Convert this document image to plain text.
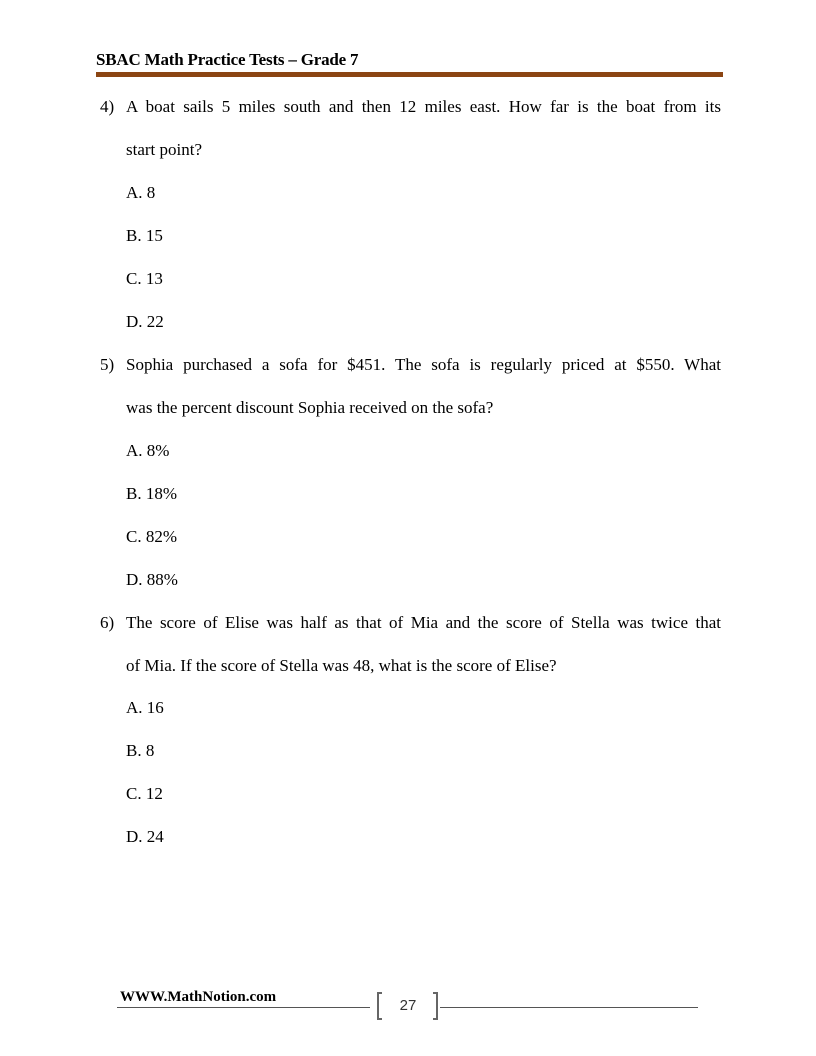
SBAC Math Practice Tests – Grade 7
4) A boat sails 5 miles south and then 12 miles east. How far is the boat from its
start point?
A. 8
B. 15
C. 13
D. 22
5) Sophia purchased a sofa for $451. The sofa is regularly priced at $550. What
was the percent discount Sophia received on the sofa?
A. 8%
B. 18%
C. 82%
D. 88%
6) The score of Elise was half as that of Mia and the score of Stella was twice that
of Mia. If the score of Stella was 48, what is the score of Elise?
A. 16
B. 8
C. 12
D. 24
WWW.MathNotion.com	27
